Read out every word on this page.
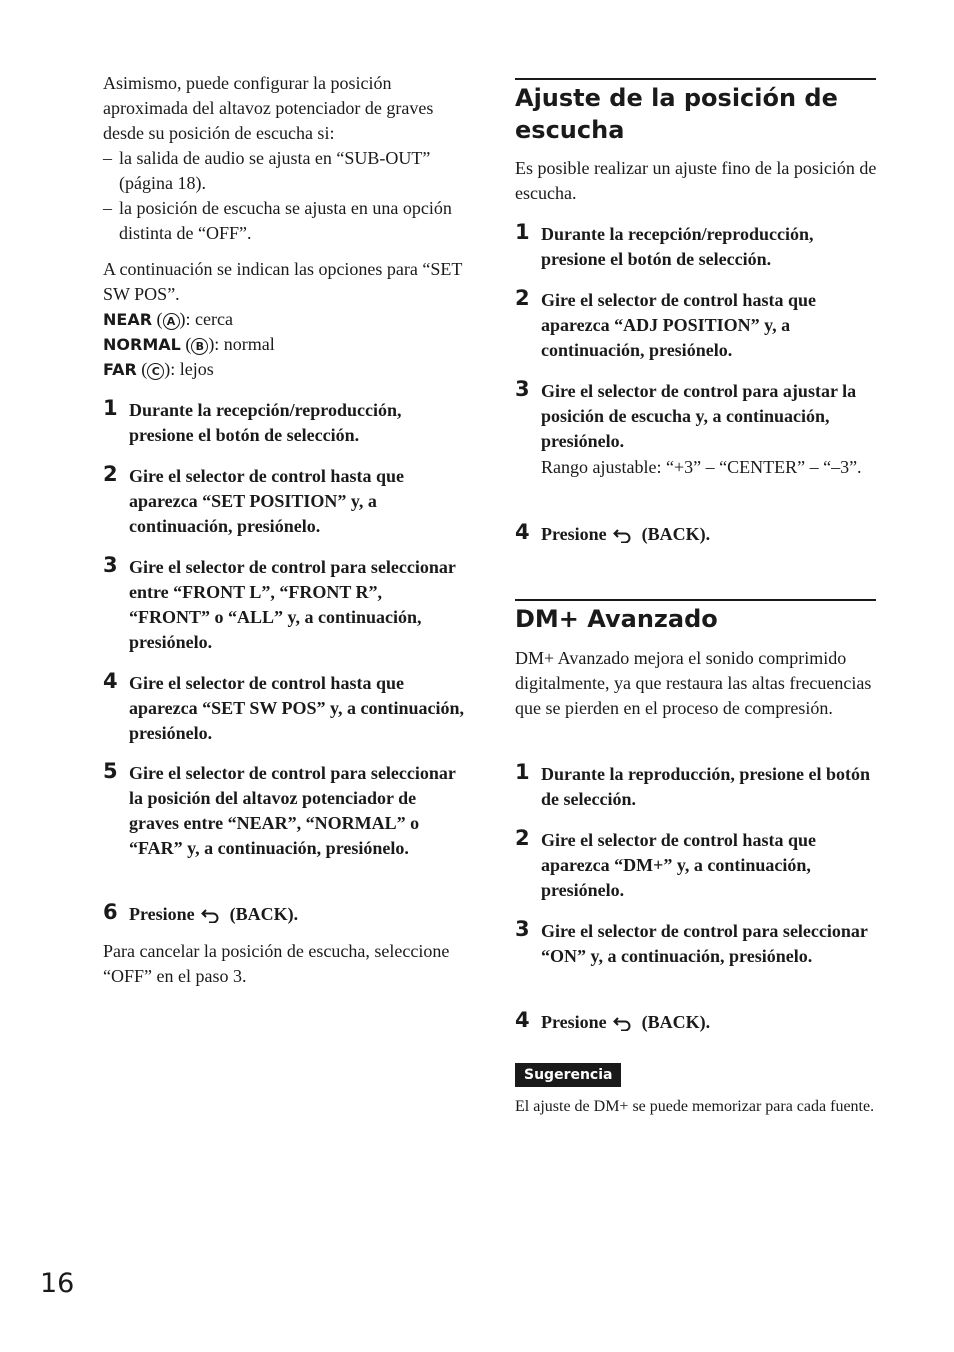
Asimismo, puede configurar la posición aproximada del altavoz potenciador de graves desde su posición de escucha si:

– la salida de audio se ajusta en “SUB-OUT” (página 18).
– la posición de escucha se ajusta en una opción distinta de “OFF”.

A continuación se indican las opciones para “SET SW POS”.

NEAR ( A ): cerca
NORMAL ( B ): normal
FAR ( C ): lejos
1 Durante la recepción/reproducción, presione el botón de selección.

2 Gire el selector de control hasta que aparezca “SET POSITION” y, a continuación, presiónelo.

3 Gire el selector de control para seleccionar entre “FRONT L”, “FRONT R”, “FRONT” o “ALL” y, a continuación, presiónelo.

4 Gire el selector de control hasta que aparezca “SET SW POS” y, a continuación, presiónelo.

5 Gire el selector de control para seleccionar la posición del altavoz potenciador de graves entre “NEAR”, “NORMAL” o “FAR” y, a continuación, presiónelo.

6 Presione (BACK).

Para cancelar la posición de escucha, seleccione “OFF” en el paso 3.

Ajuste de la posición de escucha

Es posible realizar un ajuste fino de la posición de escucha.

1 Durante la recepción/reproducción, presione el botón de selección.

2 Gire el selector de control hasta que aparezca “ADJ POSITION” y, a continuación, presiónelo.

3 Gire el selector de control para ajustar la posición de escucha y, a continuación, presiónelo.

Rango ajustable: “+3” – “CENTER” – “–3”.

4 Presione (BACK).

DM+ Avanzado

DM+ Avanzado mejora el sonido comprimido digitalmente, ya que restaura las altas frecuencias que se pierden en el proceso de compresión.

1 Durante la reproducción, presione el botón de selección.

2 Gire el selector de control hasta que aparezca “DM+” y, a continuación, presiónelo.

3 Gire el selector de control para seleccionar “ON” y, a continuación, presiónelo.

4 Presione (BACK).

Sugerencia

El ajuste de DM+ se puede memorizar para cada fuente.

16
